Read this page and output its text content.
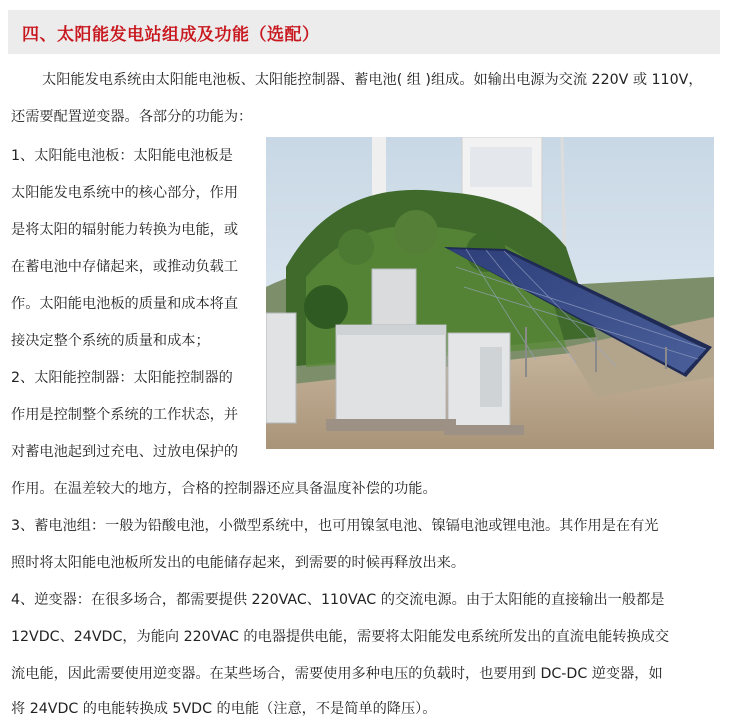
四、太阳能发电站组成及功能（选配）
太阳能发电系统由太阳能电池板、太阳能控制器、蓄电池( 组 )组成。如输出电源为交流 220V 或 110V，
还需要配置逆变器。各部分的功能为：
1、太阳能电池板：太阳能电池板是
太阳能发电系统中的核心部分，作用
是将太阳的辐射能力转换为电能，或
在蓄电池中存储起来，或推动负载工
作。太阳能电池板的质量和成本将直
接决定整个系统的质量和成本；
2、太阳能控制器：太阳能控制器的
作用是控制整个系统的工作状态，并
对蓄电池起到过充电、过放电保护的
作用。在温差较大的地方，合格的控制器还应具备温度补偿的功能。
3、蓄电池组：一般为铅酸电池，小微型系统中，也可用镍氢电池、镍镉电池或锂电池。其作用是在有光
照时将太阳能电池板所发出的电能储存起来，到需要的时候再释放出来。
4、逆变器：在很多场合，都需要提供 220VAC、110VAC 的交流电源。由于太阳能的直接输出一般都是
12VDC、24VDC，为能向 220VAC 的电器提供电能，需要将太阳能发电系统所发出的直流电能转换成交
流电能，因此需要使用逆变器。在某些场合，需要使用多种电压的负载时，也要用到 DC-DC 逆变器，如
将 24VDC 的电能转换成 5VDC 的电能（注意，不是简单的降压）。
